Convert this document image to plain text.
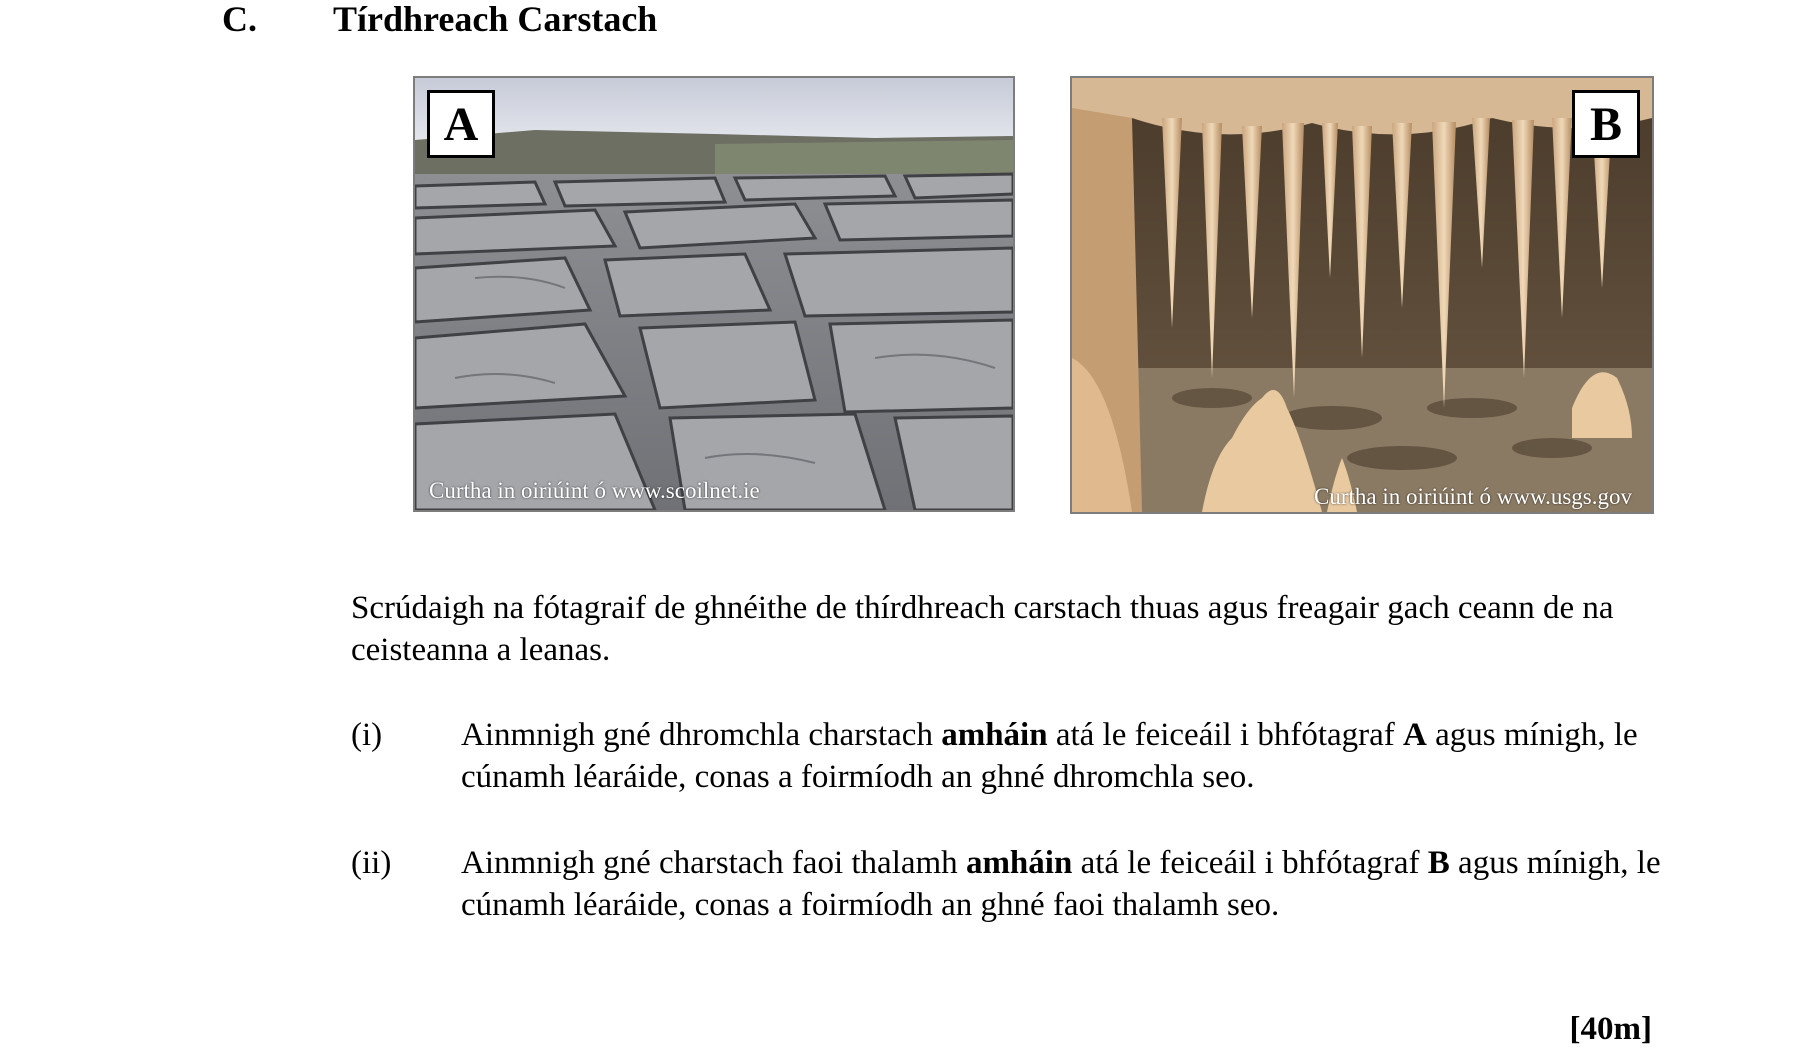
C. Tírdhreach Carstach
A
Curtha in oiriúint ó www.scoilnet.ie
B
Curtha in oiriúint ó www.usgs.gov
Scrúdaigh na fótagraif de ghnéithe de thírdhreach carstach thuas agus freagair gach ceann de na ceisteanna a leanas.
(i) Ainmnigh gné dhromchla charstach amháin atá le feiceáil i bhfótagraf A agus mínigh, le cúnamh léaráide, conas a foirmíodh an ghné dhromchla seo.
(ii) Ainmnigh gné charstach faoi thalamh amháin atá le feiceáil i bhfótagraf B agus mínigh, le cúnamh léaráide, conas a foirmíodh an ghné faoi thalamh seo.
[40m]
